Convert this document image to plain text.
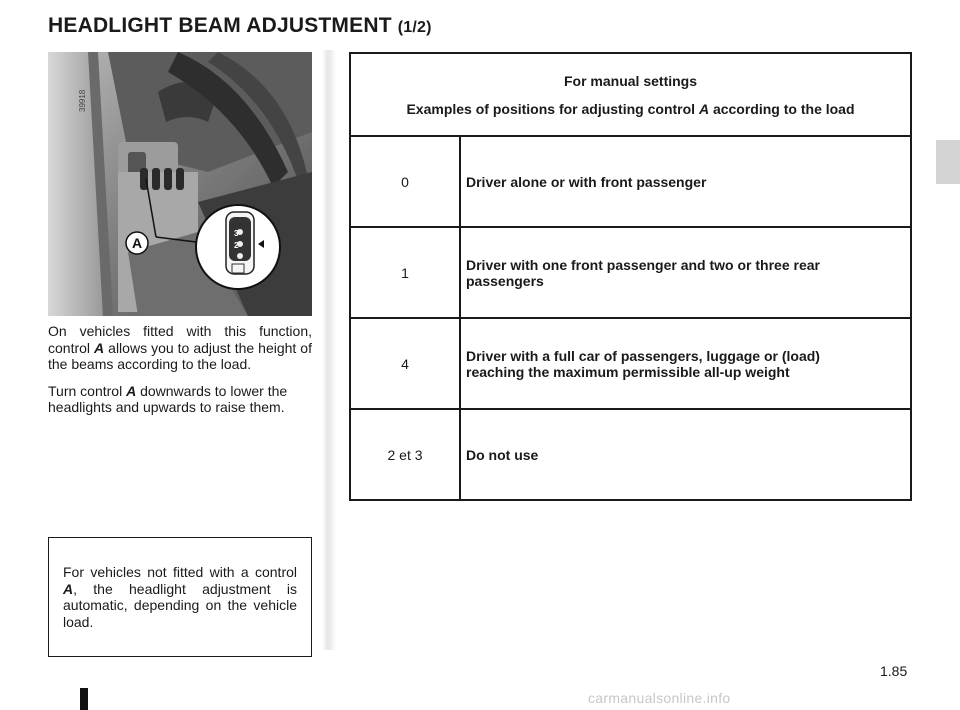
HEADLIGHT BEAM ADJUSTMENT (1/2)
A
3
2
39918

On vehicles fitted with this function, control A allows you to adjust the height of the beams according to the load.

Turn control A downwards to lower the headlights and upwards to raise them.

For vehicles not fitted with a control A, the headlight adjustment is automatic, depending on the vehicle load.
For manual settings
Examples of positions for adjusting control A according to the load	
0	Driver alone or with front passenger
1	Driver with one front passenger and two or three rear passengers
4	Driver with a full car of passengers, luggage or (load) reaching the maximum permissible all-up weight
2 et 3	Do not use
1.85
carmanualsonline.info
